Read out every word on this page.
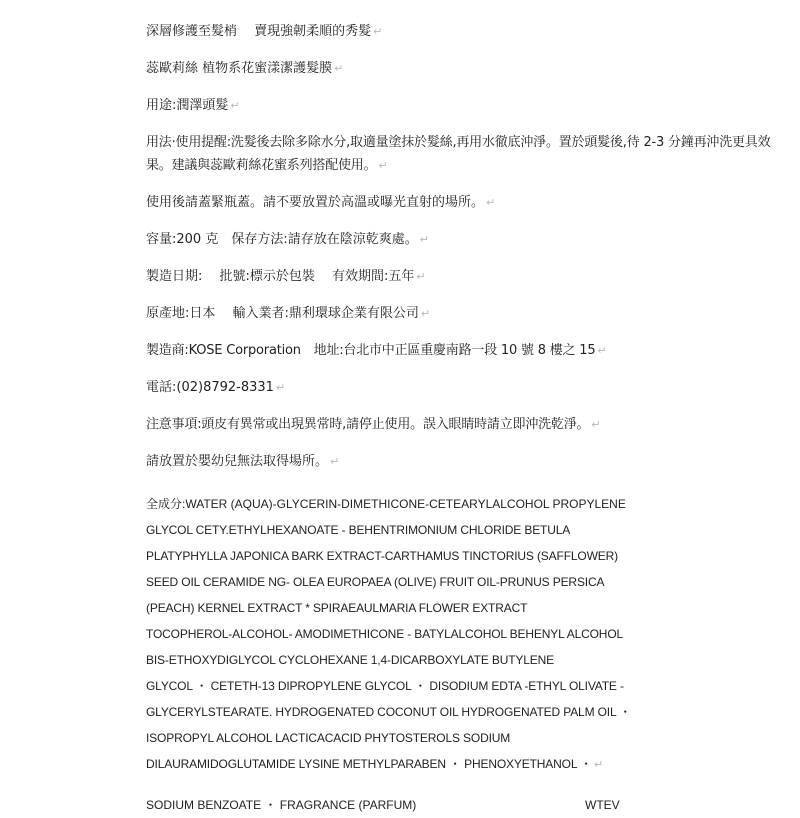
深層修護至髮梢　 賣現強韌柔順的秀髮 ↵

蕊歐莉絲 植物系花蜜漾潔護髮膜 ↵

用途:潤澤頭髮 ↵

用法·使用提醒:洗髮後去除多除水分,取適量塗抹於髮絲,再用水徹底沖淨。置於頭髮後,待 2-3 分鐘再沖洗更具效果。建議與蕊歐莉絲花蜜系列搭配使用。 ↵

使用後請蓋緊瓶蓋。請不要放置於高溫或曝光直射的場所。 ↵

容量:200 克　保存方法:請存放在陰涼乾爽處。 ↵

製造日期:　 批號:標示於包裝　 有效期間:五年 ↵

原產地:日本　 輸入業者:鼎利環球企業有限公司 ↵

製造商:KOSE Corporation　地址:台北市中正區重慶南路一段 10 號 8 樓之 15 ↵

電話:(02)8792-8331 ↵

注意事項:頭皮有異常或出現異常時,請停止使用。誤入眼睛時請立即沖洗乾淨。 ↵

請放置於嬰幼兒無法取得場所。 ↵

全成分:WATER (AQUA)-GLYCERIN-DIMETHICONE-CETEARYLALCOHOL PROPYLENE
GLYCOL CETY.ETHYLHEXANOATE - BEHENTRIMONIUM CHLORIDE BETULA
PLATYPHYLLA JAPONICA BARK EXTRACT-CARTHAMUS TINCTORIUS (SAFFLOWER)
SEED OIL CERAMIDE NG- OLEA EUROPAEA (OLIVE) FRUIT OIL-PRUNUS PERSICA
(PEACH) KERNEL EXTRACT * SPIRAEAULMARIA FLOWER EXTRACT
TOCOPHEROL-ALCOHOL- AMODIMETHICONE - BATYLALCOHOL BEHENYL ALCOHOL
BIS-ETHOXYDIGLYCOL CYCLOHEXANE 1,4-DICARBOXYLATE BUTYLENE
GLYCOL ・ CETETH-13 DIPROPYLENE GLYCOL ・ DISODIUM EDTA -ETHYL OLIVATE -
GLYCERYLSTEARATE. HYDROGENATED COCONUT OIL HYDROGENATED PALM OIL ・
ISOPROPYL ALCOHOL LACTICACACID PHYTOSTEROLS SODIUM
DILAURAMIDOGLUTAMIDE LYSINE METHYLPARABEN ・ PHENOXYETHANOL ・ ↵
SODIUM BENZOATE ・ FRAGRANCE (PARFUM)	WTEV
